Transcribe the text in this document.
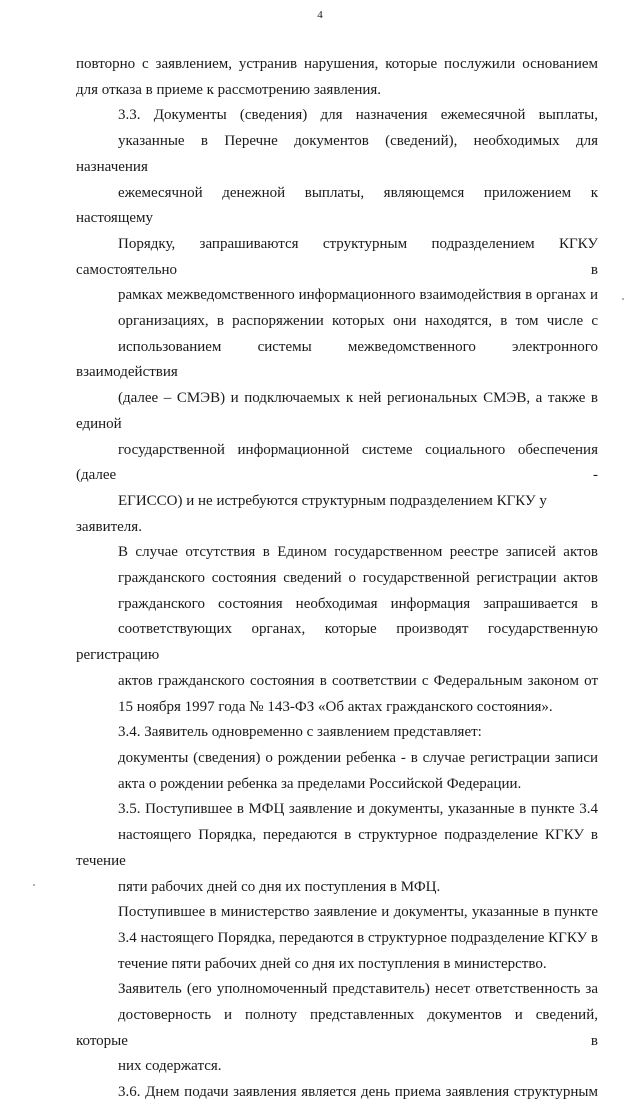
4

повторно с заявлением, устранив нарушения, которые послужили основанием
для отказа в приеме к рассмотрению заявления.

3.3. Документы (сведения) для назначения ежемесячной выплаты,
указанные в Перечне документов (сведений), необходимых для назначения
ежемесячной денежной выплаты, являющемся приложением к настоящему
Порядку, запрашиваются структурным подразделением КГКУ самостоятельно в
рамках межведомственного информационного взаимодействия в органах и
организациях, в распоряжении которых они находятся, в том числе с
использованием системы межведомственного электронного взаимодействия
(далее – СМЭВ) и подключаемых к ней региональных СМЭВ, а также в единой
государственной информационной системе социального обеспечения (далее -
ЕГИССО) и не истребуются структурным подразделением КГКУ у заявителя.

В случае отсутствия в Едином государственном реестре записей актов
гражданского состояния сведений о государственной регистрации актов
гражданского состояния необходимая информация запрашивается в
соответствующих органах, которые производят государственную регистрацию
актов гражданского состояния в соответствии с Федеральным законом от
15 ноября 1997 года № 143-ФЗ «Об актах гражданского состояния».

3.4. Заявитель одновременно с заявлением представляет:

документы (сведения) о рождении ребенка - в случае регистрации записи
акта о рождении ребенка за пределами Российской Федерации.

3.5. Поступившее в МФЦ заявление и документы, указанные в пункте 3.4
настоящего Порядка, передаются в структурное подразделение КГКУ в течение
пяти рабочих дней со дня их поступления в МФЦ.

Поступившее в министерство заявление и документы, указанные в пункте
3.4 настоящего Порядка, передаются в структурное подразделение КГКУ в
течение пяти рабочих дней со дня их поступления в министерство.

Заявитель (его уполномоченный представитель) несет ответственность за
достоверность и полноту представленных документов и сведений, которые в
них содержатся.

3.6. Днем подачи заявления является день приема заявления структурным
